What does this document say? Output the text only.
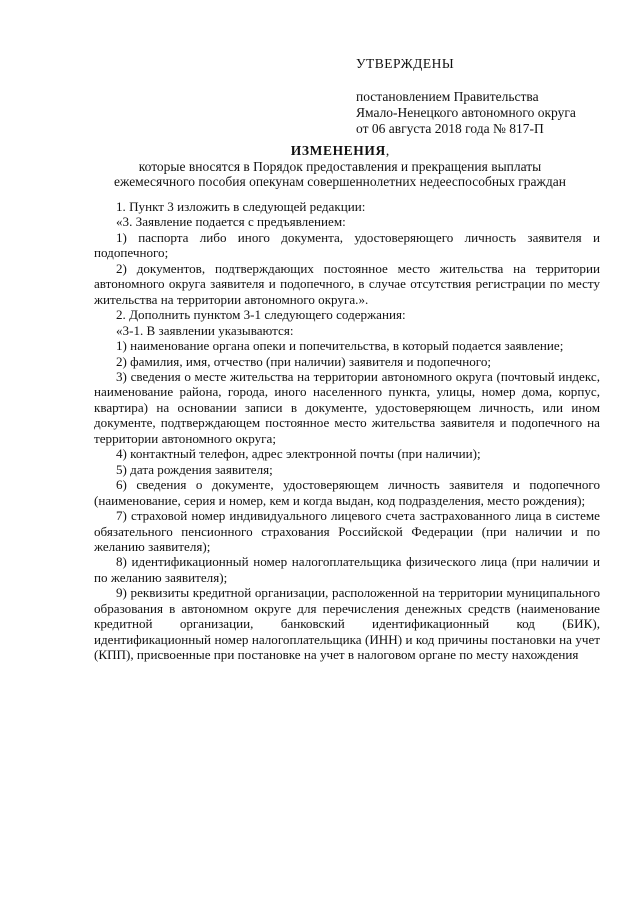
УТВЕРЖДЕНЫ
постановлением Правительства
Ямало-Ненецкого автономного округа
от 06 августа 2018 года № 817-П
ИЗМЕНЕНИЯ,
которые вносятся в Порядок предоставления и прекращения выплаты
ежемесячного пособия опекунам совершеннолетних недееспособных граждан

1. Пункт 3 изложить в следующей редакции:

«3. Заявление подается с предъявлением:

1) паспорта либо иного документа, удостоверяющего личность заявителя и подопечного;

2) документов, подтверждающих постоянное место жительства на территории автономного округа заявителя и подопечного, в случае отсутствия регистрации по месту жительства на территории автономного округа.».

2. Дополнить пунктом 3-1 следующего содержания:

«3-1. В заявлении указываются:

1) наименование органа опеки и попечительства, в который подается заявление;

2) фамилия, имя, отчество (при наличии) заявителя и подопечного;

3) сведения о месте жительства на территории автономного округа (почтовый индекс, наименование района, города, иного населенного пункта, улицы, номер дома, корпус, квартира) на основании записи в документе, удостоверяющем личность, или ином документе, подтверждающем постоянное место жительства заявителя и подопечного на территории автономного округа;

4) контактный телефон, адрес электронной почты (при наличии);

5) дата рождения заявителя;

6) сведения о документе, удостоверяющем личность заявителя и подопечного (наименование, серия и номер, кем и когда выдан, код подразделения, место рождения);

7) страховой номер индивидуального лицевого счета застрахованного лица в системе обязательного пенсионного страхования Российской Федерации (при наличии и по желанию заявителя);

8) идентификационный номер налогоплательщика физического лица (при наличии и по желанию заявителя);

9) реквизиты кредитной организации, расположенной на территории муниципального образования в автономном округе для перечисления денежных средств (наименование кредитной организации, банковский идентификационный код (БИК), идентификационный номер налогоплательщика (ИНН) и код причины постановки на учет (КПП), присвоенные при постановке на учет в налоговом органе по месту нахождения
